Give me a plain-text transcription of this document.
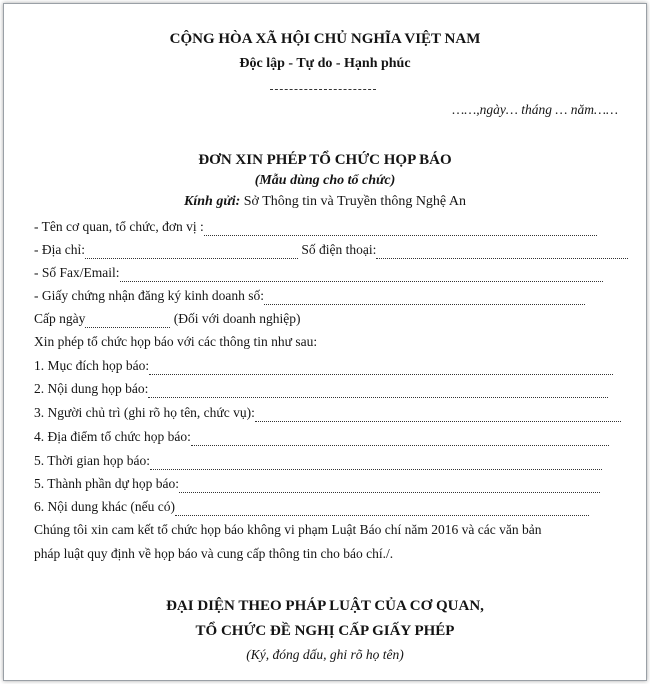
CỘNG HÒA XÃ HỘI CHỦ NGHĨA VIỆT NAM
Độc lập - Tự do - Hạnh phúc
……,ngày… tháng … năm……
ĐƠN XIN PHÉP TỔ CHỨC HỌP BÁO
(Mẫu dùng cho tổ chức)
Kính gửi: Sở Thông tin và Truyền thông Nghệ An
- Tên cơ quan, tổ chức, đơn vị :
- Địa chỉ:	Số điện thoại:
- Số Fax/Email:
- Giấy chứng nhận đăng ký kinh doanh số:
Cấp ngày	(Đối với doanh nghiệp)
Xin phép tổ chức họp báo với các thông tin như sau:
1. Mục đích họp báo:
2. Nội dung họp báo:
3. Người chủ trì (ghi rõ họ tên, chức vụ):
4. Địa điểm tổ chức họp báo:
5. Thời gian họp báo:
5. Thành phần dự họp báo:
6. Nội dung khác (nếu có)
Chúng tôi xin cam kết tổ chức họp báo không vi phạm Luật Báo chí năm 2016 và các văn bản
pháp luật quy định về họp báo và cung cấp thông tin cho báo chí./.
ĐẠI DIỆN THEO PHÁP LUẬT CỦA CƠ QUAN,
TỔ CHỨC ĐỀ NGHỊ CẤP GIẤY PHÉP
(Ký, đóng dấu, ghi rõ họ tên)
